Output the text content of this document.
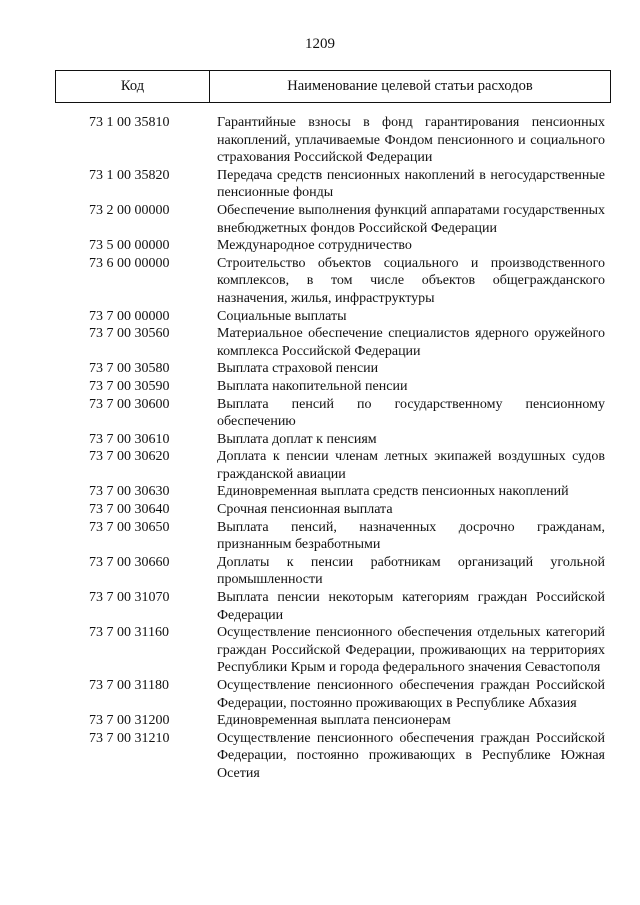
1209
Код	Наименование целевой статьи расходов
73 1 00 35810	Гарантийные взносы в фонд гарантирования пенсионных накоплений, уплачиваемые Фондом пенсионного и социального страхования Российской Федерации
73 1 00 35820	Передача средств пенсионных накоплений в негосударственные пенсионные фонды
73 2 00 00000	Обеспечение выполнения функций аппаратами государственных внебюджетных фондов Российской Федерации
73 5 00 00000	Международное сотрудничество
73 6 00 00000	Строительство объектов социального и производственного комплексов, в том числе объектов общегражданского назначения, жилья, инфраструктуры
73 7 00 00000	Социальные выплаты
73 7 00 30560	Материальное обеспечение специалистов ядерного оружейного комплекса Российской Федерации
73 7 00 30580	Выплата страховой пенсии
73 7 00 30590	Выплата накопительной пенсии
73 7 00 30600	Выплата пенсий по государственному пенсионному обеспечению
73 7 00 30610	Выплата доплат к пенсиям
73 7 00 30620	Доплата к пенсии членам летных экипажей воздушных судов гражданской авиации
73 7 00 30630	Единовременная выплата средств пенсионных накоплений
73 7 00 30640	Срочная пенсионная выплата
73 7 00 30650	Выплата пенсий, назначенных досрочно гражданам, признанным безработными
73 7 00 30660	Доплаты к пенсии работникам организаций угольной промышленности
73 7 00 31070	Выплата пенсии некоторым категориям граждан Российской Федерации
73 7 00 31160	Осуществление пенсионного обеспечения отдельных категорий граждан Российской Федерации, проживающих на территориях Республики Крым и города федерального значения Севастополя
73 7 00 31180	Осуществление пенсионного обеспечения граждан Российской Федерации, постоянно проживающих в Республике Абхазия
73 7 00 31200	Единовременная выплата пенсионерам
73 7 00 31210	Осуществление пенсионного обеспечения граждан Российской Федерации, постоянно проживающих в Республике Южная Осетия
